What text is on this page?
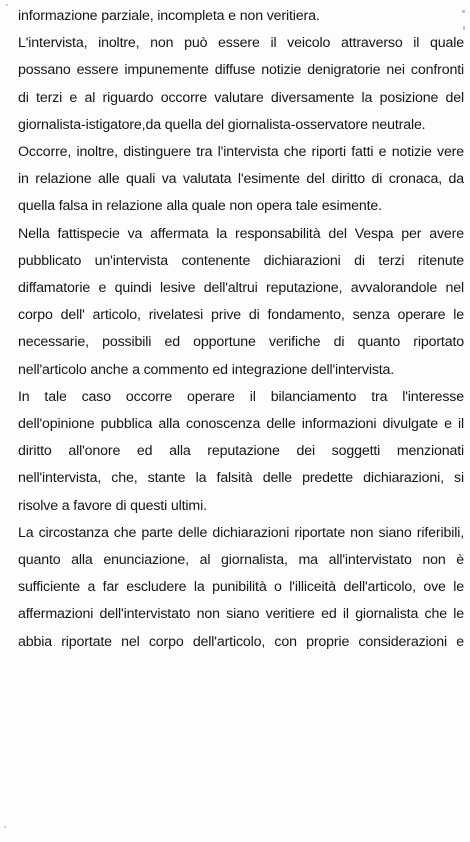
informazione parziale, incompleta e non veritiera.

L'intervista, inoltre, non può essere il veicolo attraverso il quale
possano essere impunemente diffuse notizie denigratorie nei confronti
di terzi e al riguardo occorre valutare diversamente la posizione del
giornalista-istigatore,da quella del giornalista-osservatore neutrale.

Occorre, inoltre, distinguere tra l'intervista che riporti fatti e notizie vere
in relazione alle quali va valutata l'esimente del diritto di cronaca, da
quella falsa in relazione alla quale non opera tale esimente.

Nella fattispecie va affermata la responsabilità del Vespa per avere
pubblicato un'intervista contenente dichiarazioni di terzi ritenute
diffamatorie e quindi lesive dell'altrui reputazione, avvalorandole nel
corpo dell' articolo, rivelatesi prive di fondamento, senza operare le
necessarie, possibili ed opportune verifiche di quanto riportato
nell'articolo anche a commento ed integrazione dell'intervista.

In tale caso occorre operare il bilanciamento tra l'interesse
dell'opinione pubblica alla conoscenza delle informazioni divulgate e il
diritto all'onore ed alla reputazione dei soggetti menzionati
nell'intervista, che, stante la falsità delle predette dichiarazioni, si
risolve a favore di questi ultimi.

La circostanza che parte delle dichiarazioni riportate non siano riferibili,
quanto alla enunciazione, al giornalista, ma all'intervistato non è
sufficiente a far escludere la punibilità o l'illiceità dell'articolo, ove le
affermazioni dell'intervistato non siano veritiere ed il giornalista che le
abbia riportate nel corpo dell'articolo, con proprie considerazioni e
